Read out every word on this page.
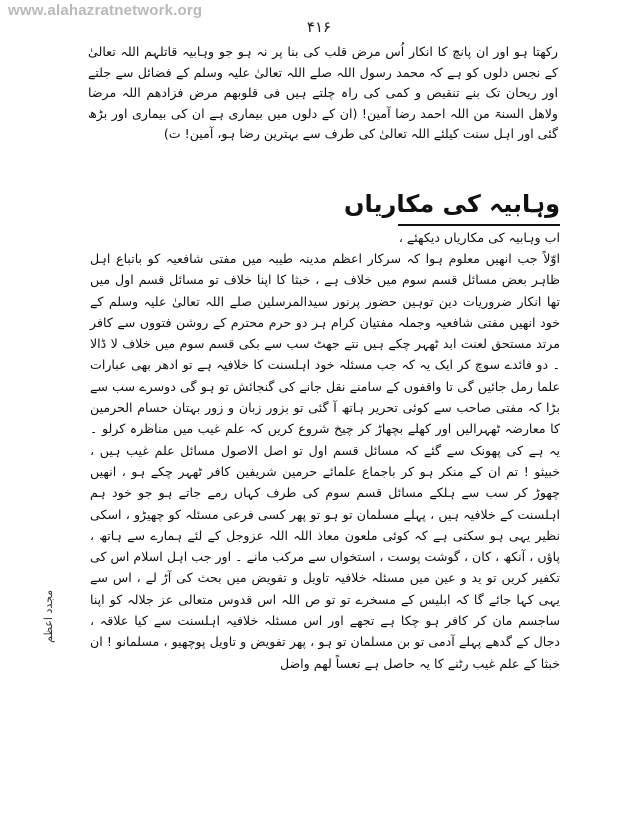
www.alahazratnetwork.org
۴۱۶
رکھتا ہو اور ان پانچ کا انکار اُس مرض قلب کی بنا پر نہ ہو جو وہابیہ قاتلہم اللہ تعالیٰ کے نجس دلوں کو ہے کہ محمد رسول اللہ صلے اللہ تعالیٰ علیہ وسلم کے فضائل سے جلتے اور ریحان تک بنے تنقیص و کمی کی راہ چلتے ہیں فی قلوبھم مرض فزادھم اللہ مرضا ولاھل السنۃ من اللہ احمد رضا آمین! (ان کے دلوں میں بیماری ہے ان کی بیماری اور بڑھ گئی اور اہل سنت کیلئے اللہ تعالیٰ کی طرف سے بہترین رضا ہو، آمین! ت)
وہابیہ کی مکاریاں
اب وہابیہ کی مکاریاں دیکھئے ،
اوّلاً جب انھیں معلوم ہوا کہ سرکار اعظم مدینہ طیبہ میں مفتی شافعیہ کو باتباع اہل ظاہر بعض مسائل قسم سوم میں خلاف ہے ، خبثا کا اپنا خلاف تو مسائل قسم اول میں تھا انکار ضروریات دین توہین حضور پرنور سیدالمرسلین صلے اللہ تعالیٰ علیہ وسلم کے خود انھیں مفتی شافعیہ وجملہ مفتیان کرام ہر دو حرم محترم کے روشن فتووں سے کافر مرتد مستحق لعنت ابد ٹھہر چکے ہیں نتے جھٹ سب سے بکی قسم سوم میں خلاف لا ڈالا ۔ دو فائدے سوچ کر ایک یہ کہ جب مسئلہ خود اہلسنت کا خلافیہ ہے تو ادھر بھی عبارات علما رمل جائیں گی تا واقفوں کے سامنے نقل جانے کی گنجائش تو ہو گی دوسرے سب سے بڑا کہ مفتی صاحب سے کوئی تحریر ہاتھ آ گئی تو بزور زبان و زور بہتان حسام الحرمین کا معارضہ ٹھہرالیں اور کھلے بچھاڑ کر چیخ شروع کریں کہ علم غیب میں مناظرہ کرلو ۔ یہ ہے کی پھونک سے گئے کہ مسائل قسم اول تو اصل الاصول مسائل علم غیب ہیں ، خبیثو ! تم ان کے منکر ہو کر باجماع علمائے حرمین شریفین کافر ٹھہر چکے ہو ، انھیں چھوڑ کر سب سے ہلکے مسائل قسم سوم کی طرف کہاں رمے جاتے ہو جو خود ہم اہلسنت کے خلافیہ ہیں ، پہلے مسلمان تو ہو تو پھر کسی فرعی مسئلہ کو چھیڑو ، اسکی نظیر یہی ہو سکتی ہے کہ کوئی ملعون معاذ اللہ اللہ عزوجل کے لئے ہمارے سے ہاتھ ، پاؤں ، آنکھ ، کان ، گوشت پوست ، استخواں سے مرکب مانے ۔ اور جب اہل اسلام اس کی تکفیر کریں تو ید و عین میں مسئلہ خلافیہ تاویل و تفویض میں بحث کی آڑ لے ، اس سے یہی کہا جائے گا کہ ابلیس کے مسخرے تو تو ص اللہ اس قدوس متعالی عز جلالہ کو اپنا ساجسم مان کر کافر ہو چکا ہے تجھے اور اس مسئلہ خلافیہ اہلسنت سے کیا علاقہ ، دجال کے گدھے پہلے آدمی تو بن مسلمان تو ہو ، پھر تفویض و تاویل پوچھیو ، مسلمانو ! ان خبثا کے علم غیب رٹنے کا یہ حاصل ہے تعساً لھم واضل
مجدد اعظم
